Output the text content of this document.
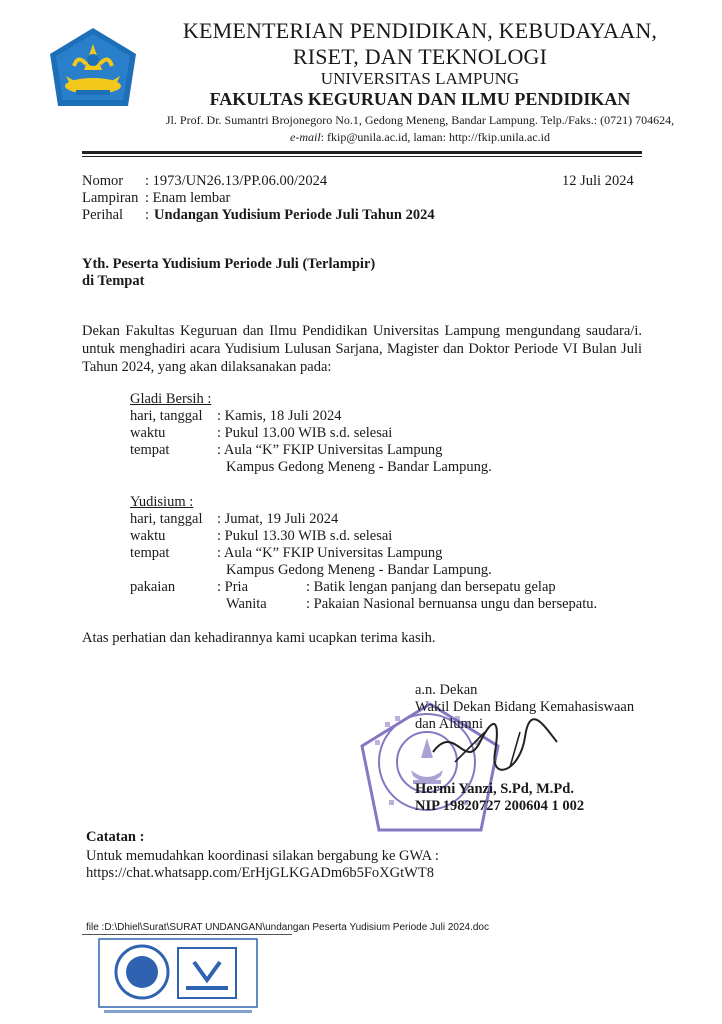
KEMENTERIAN PENDIDIKAN, KEBUDAYAAN,
RISET, DAN TEKNOLOGI
UNIVERSITAS LAMPUNG
FAKULTAS KEGURUAN DAN ILMU PENDIDIKAN
Jl. Prof. Dr. Sumantri Brojonegoro No.1, Gedong Meneng, Bandar Lampung. Telp./Faks.: (0721) 704624,
e-mail: fkip@unila.ac.id, laman: http://fkip.unila.ac.id
Nomor : 1973/UN26.13/PP.06.00/2024	12 Juli 2024
Lampiran : Enam lembar
Perihal : Undangan Yudisium Periode Juli Tahun 2024
Yth. Peserta Yudisium Periode Juli (Terlampir)
di Tempat
Dekan Fakultas Keguruan dan Ilmu Pendidikan Universitas Lampung mengundang saudara/i. untuk menghadiri acara Yudisium Lulusan Sarjana, Magister dan Doktor Periode VI Bulan Juli Tahun 2024, yang akan dilaksanakan pada:
Gladi Bersih :
hari, tanggal : Kamis, 18 Juli 2024
waktu	: Pukul 13.00 WIB s.d. selesai
tempat	: Aula “K” FKIP Universitas Lampung
Kampus Gedong Meneng - Bandar Lampung.
Yudisium :
hari, tanggal : Jumat, 19 Juli 2024
waktu	: Pukul 13.30 WIB s.d. selesai
tempat	: Aula “K” FKIP Universitas Lampung
Kampus Gedong Meneng - Bandar Lampung.
pakaian	: Pria	: Batik lengan panjang dan bersepatu gelap
Wanita	: Pakaian Nasional bernuansa ungu dan bersepatu.
Atas perhatian dan kehadirannya kami ucapkan terima kasih.
a.n. Dekan
Wakil Dekan Bidang Kemahasiswaan
dan Alumni
Hermi Yanzi, S.Pd, M.Pd.
NIP 19820727 200604 1 002
Catatan :
Untuk memudahkan koordinasi silakan bergabung ke GWA :
https://chat.whatsapp.com/ErHjGLKGADm6b5FoXGtWT8
file :D:\Dhiel\Surat\SURAT UNDANGAN\undangan Peserta Yudisium Periode Juli 2024.doc
